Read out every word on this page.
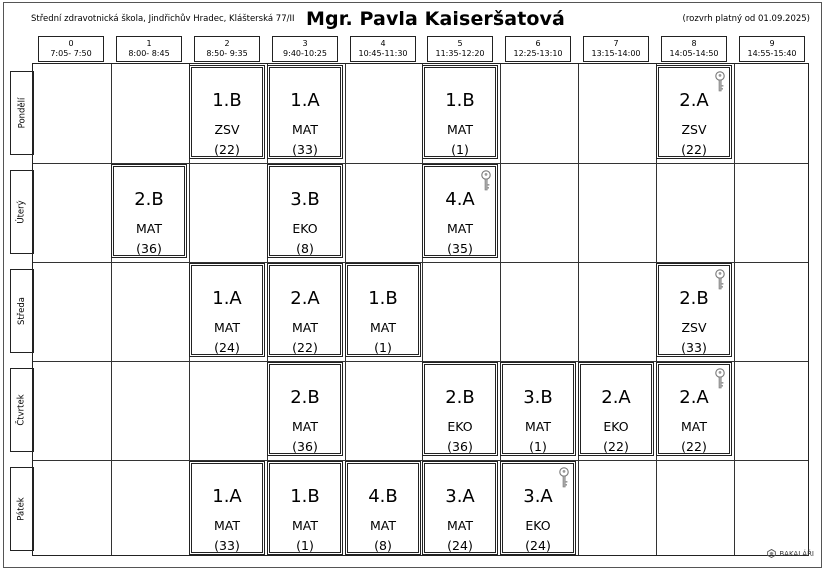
Střední zdravotnická škola, Jindřichův Hradec, Klášterská 77/II Mgr. Pavla Kaiseršatová	(rozvrh platný od 01.09.2025)
0
7:05- 7:50
1
8:00- 8:45
2
8:50- 9:35
3
9:40-10:25
4
10:45-11:30
5
11:35-12:20
6
12:25-13:10
7
13:15-14:00
8
14:05-14:50
9
14:55-15:40
Pondělí
Úterý
Středa
Čtvrtek
Pátek
BAKALÁŘI
1.B
ZSV
(22)
1.A
MAT
(33)
1.B
MAT
(1)
2.A
ZSV
(22)
2.B
MAT
(36)
3.B
EKO
(8)
4.A
MAT
(35)
1.A
MAT
(24)
2.A
MAT
(22)
1.B
MAT
(1)
2.B
ZSV
(33)
2.B
MAT
(36)
2.B
EKO
(36)
3.B
MAT
(1)
2.A
EKO
(22)
2.A
MAT
(22)
1.A
MAT
(33)
1.B
MAT
(1)
4.B
MAT
(8)
3.A
MAT
(24)
3.A
EKO
(24)
